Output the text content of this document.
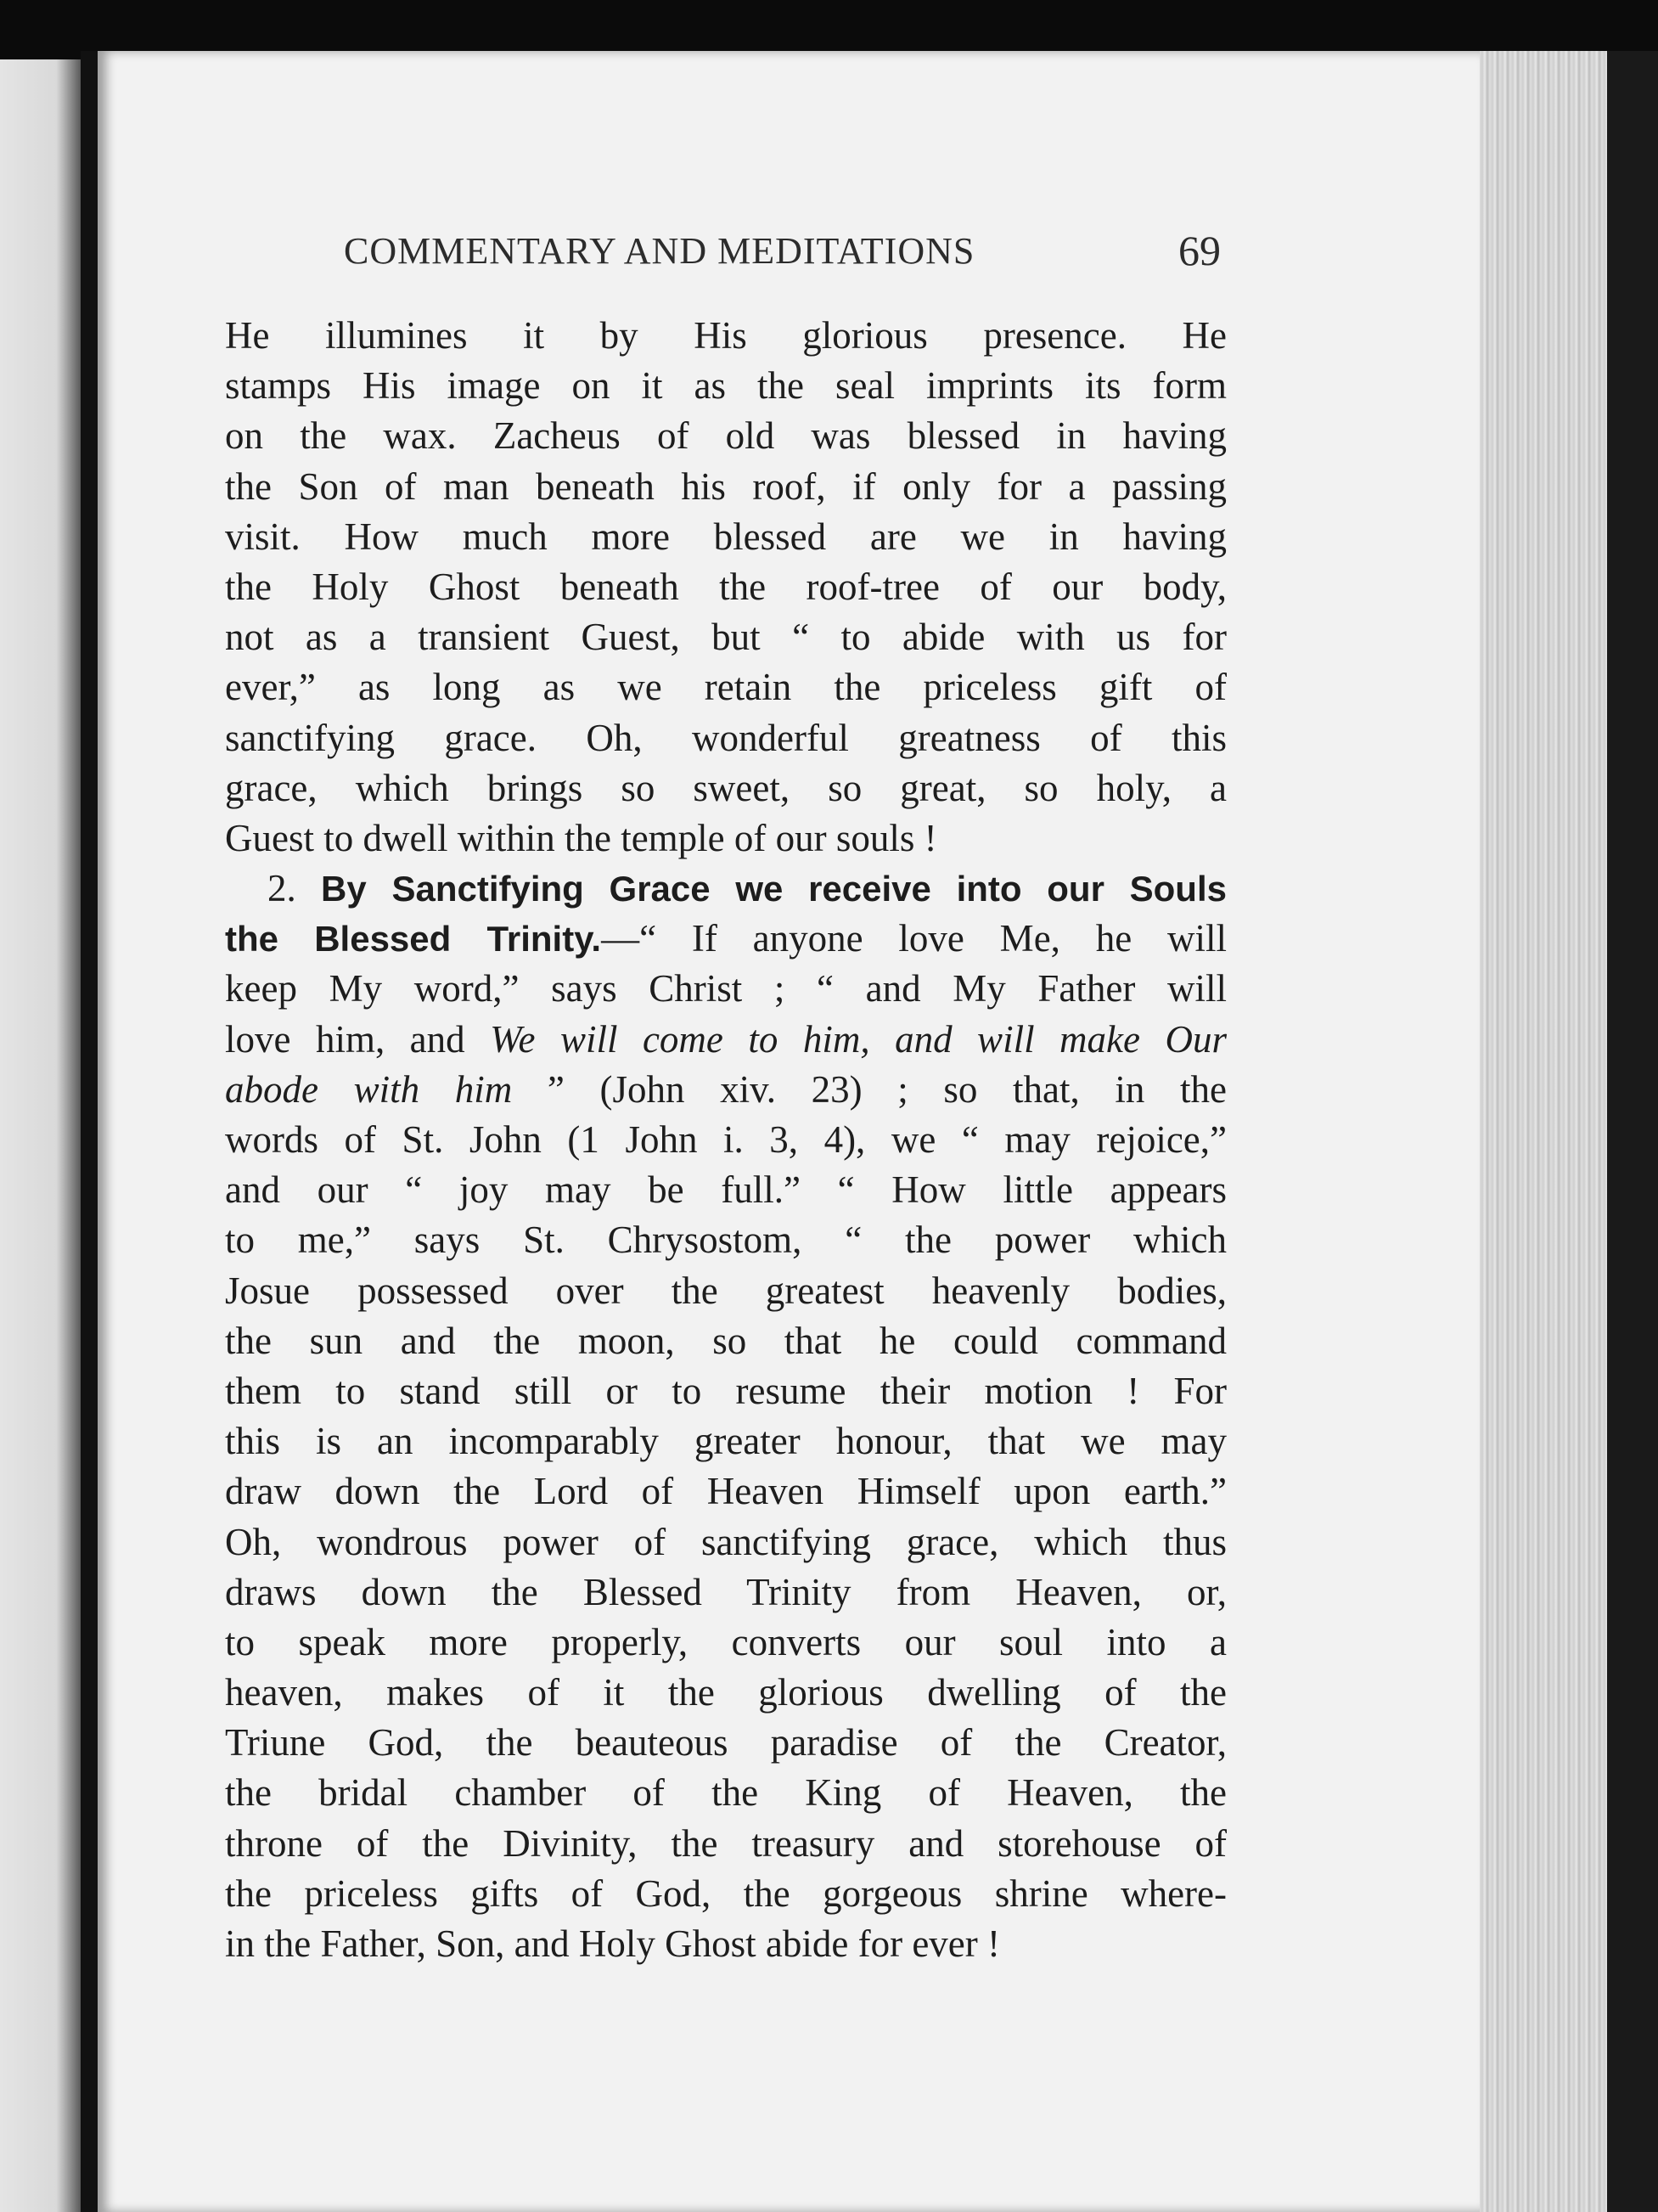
COMMENTARY AND MEDITATIONS	69
He illumines it by His glorious presence. He
stamps His image on it as the seal imprints its form
on the wax. Zacheus of old was blessed in having
the Son of man beneath his roof, if only for a passing
visit. How much more blessed are we in having
the Holy Ghost beneath the roof-tree of our body,
not as a transient Guest, but “ to abide with us for
ever,” as long as we retain the priceless gift of
sanctifying grace. Oh, wonderful greatness of this
grace, which brings so sweet, so great, so holy, a
Guest to dwell within the temple of our souls !
2. By Sanctifying Grace we receive into our Souls
the Blessed Trinity.—“ If anyone love Me, he will
keep My word,” says Christ ; “ and My Father will
love him, and We will come to him, and will make Our
abode with him ” (John xiv. 23) ; so that, in the
words of St. John (1 John i. 3, 4), we “ may rejoice,”
and our “ joy may be full.” “ How little appears
to me,” says St. Chrysostom, “ the power which
Josue possessed over the greatest heavenly bodies,
the sun and the moon, so that he could command
them to stand still or to resume their motion ! For
this is an incomparably greater honour, that we may
draw down the Lord of Heaven Himself upon earth.”
Oh, wondrous power of sanctifying grace, which thus
draws down the Blessed Trinity from Heaven, or,
to speak more properly, converts our soul into a
heaven, makes of it the glorious dwelling of the
Triune God, the beauteous paradise of the Creator,
the bridal chamber of the King of Heaven, the
throne of the Divinity, the treasury and storehouse of
the priceless gifts of God, the gorgeous shrine where-
in the Father, Son, and Holy Ghost abide for ever !
